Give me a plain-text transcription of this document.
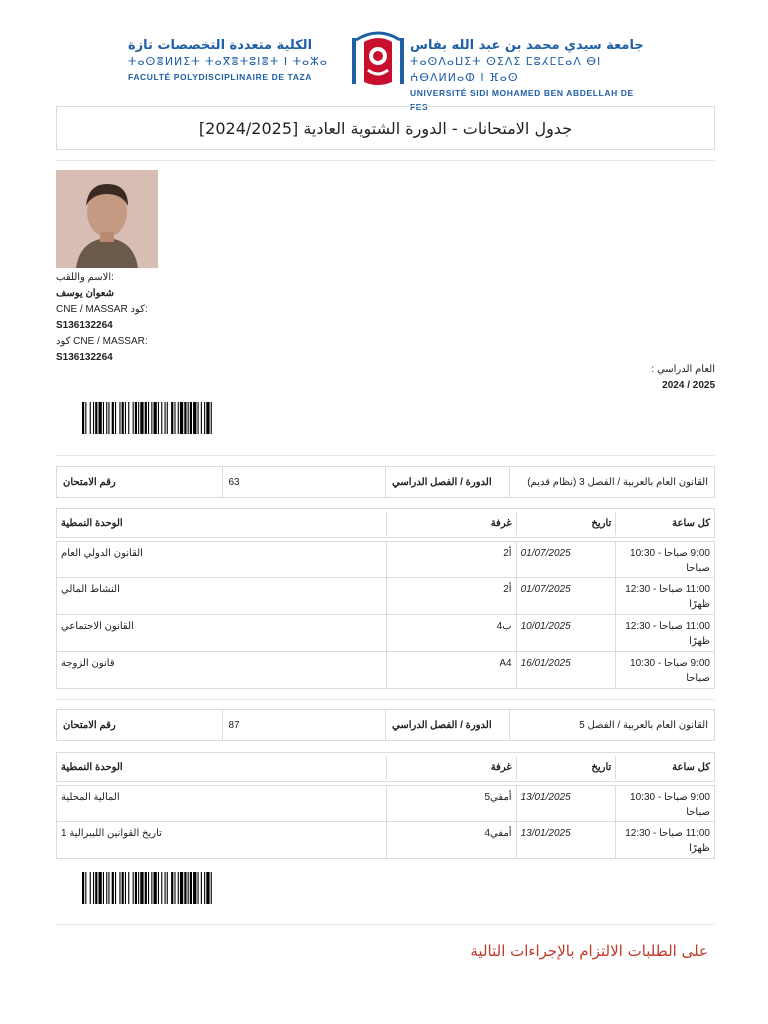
الكلية متعددة التخصصات تازة
ⵜⴰⵙⴻⵍⵍⵉⵜ ⵜⴰⴳⴻⵜⵓⵏⴻⵜ ⵏ ⵜⴰⵣⴰ
FACULTÉ POLYDISCIPLINAIRE DE TAZA
جامعة سيدي محمد بن عبد الله بفاس
ⵜⴰⵙⴷⴰⵡⵉⵜ ⵙⵉⴷⵉ ⵎⵓⵃⵎⵎⴰⴷ ⴱⵏ ⵄⴱⴷⵍⵍⴰⵀ ⵏ ⴼⴰⵙ
UNIVERSITÉ SIDI MOHAMED BEN ABDELLAH DE FES
جدول الامتحانات - الدورة الشتوية العادية [2024/2025]
الاسم واللقب:
شعوان يوسف
CNE / MASSAR كود:
S136132264
كود CNE / MASSAR:
S136132264
: العام الدراسي
2024 / 2025
رقم الامتحان	63	الدورة / الفصل الدراسي	القانون العام بالعربية / الفصل 3 (نظام قديم)
الوحدة النمطية	غرفة	تاريخ	كل ساعة
القانون الدولي العام	أ2 01/07/2025	9:00 صباحا - 10:30 صباحا
النشاط المالي	أ2 01/07/2025	11:00 صباحا - 12:30 ظهرًا
القانون الاجتماعي	ب4 10/01/2025	11:00 صباحا - 12:30 ظهرًا
قانون الزوجة	A4 16/01/2025	9:00 صباحا - 10:30 صباحا
رقم الامتحان	87	الدورة / الفصل الدراسي	القانون العام بالعربية / الفصل 5
الوحدة النمطية	غرفة	تاريخ	كل ساعة
المالية المحلية	أمفي5 13/01/2025	9:00 صباحا - 10:30 صباحا
تاريخ القوانين الليبرالية 1	أمفي4 13/01/2025	11:00 صباحا - 12:30 ظهرًا
على الطلبات الالتزام بالإجراءات التالية
